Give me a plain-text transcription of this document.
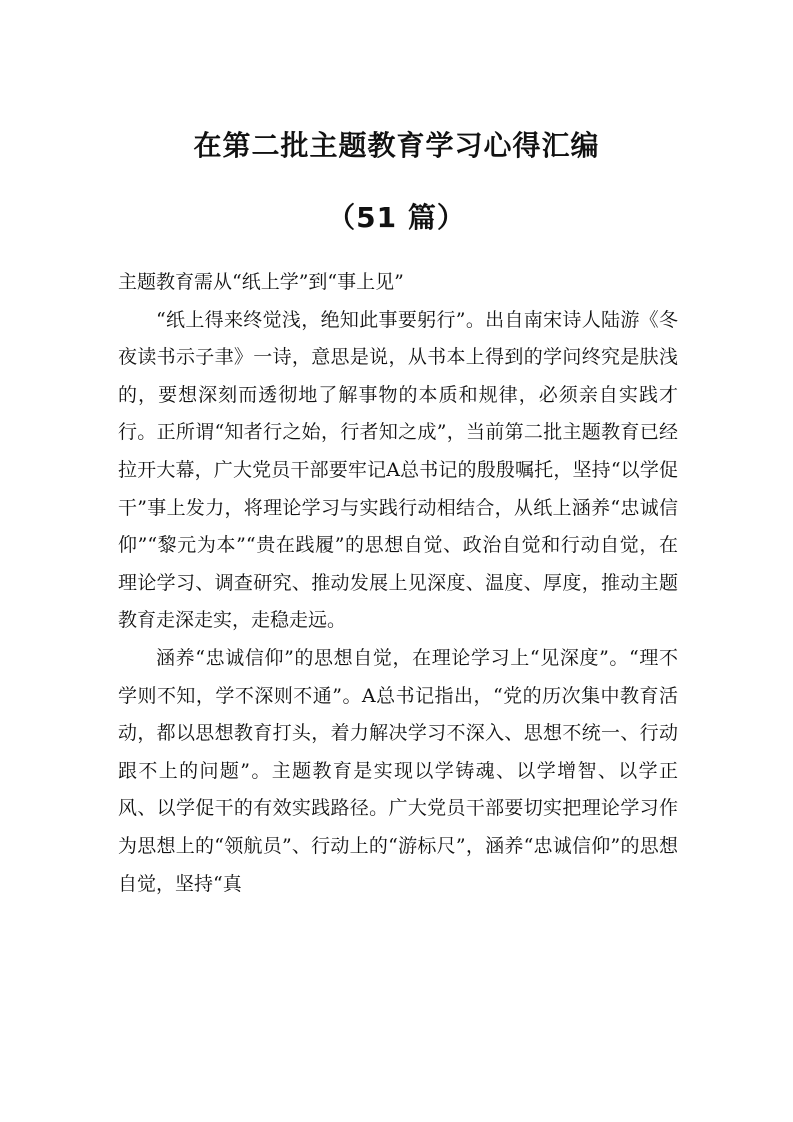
在第二批主题教育学习心得汇编
（51 篇）

主题教育需从“纸上学”到“事上见”

“纸上得来终觉浅，绝知此事要躬行”。出自南宋诗人陆游《冬夜读书示子聿》一诗，意思是说，从书本上得到的学问终究是肤浅的，要想深刻而透彻地了解事物的本质和规律，必须亲自实践才行。正所谓“知者行之始，行者知之成”，当前第二批主题教育已经拉开大幕，广大党员干部要牢记A总书记的殷殷嘱托，坚持“以学促干”事上发力，将理论学习与实践行动相结合，从纸上涵养“忠诚信仰”“黎元为本”“贵在践履”的思想自觉、政治自觉和行动自觉，在理论学习、调查研究、推动发展上见深度、温度、厚度，推动主题教育走深走实，走稳走远。

涵养“忠诚信仰”的思想自觉，在理论学习上“见深度”。“理不学则不知，学不深则不通”。A总书记指出，“党的历次集中教育活动，都以思想教育打头，着力解决学习不深入、思想不统一、行动跟不上的问题”。主题教育是实现以学铸魂、以学增智、以学正风、以学促干的有效实践路径。广大党员干部要切实把理论学习作为思想上的“领航员”、行动上的“游标尺”，涵养“忠诚信仰”的思想自觉，坚持“真
